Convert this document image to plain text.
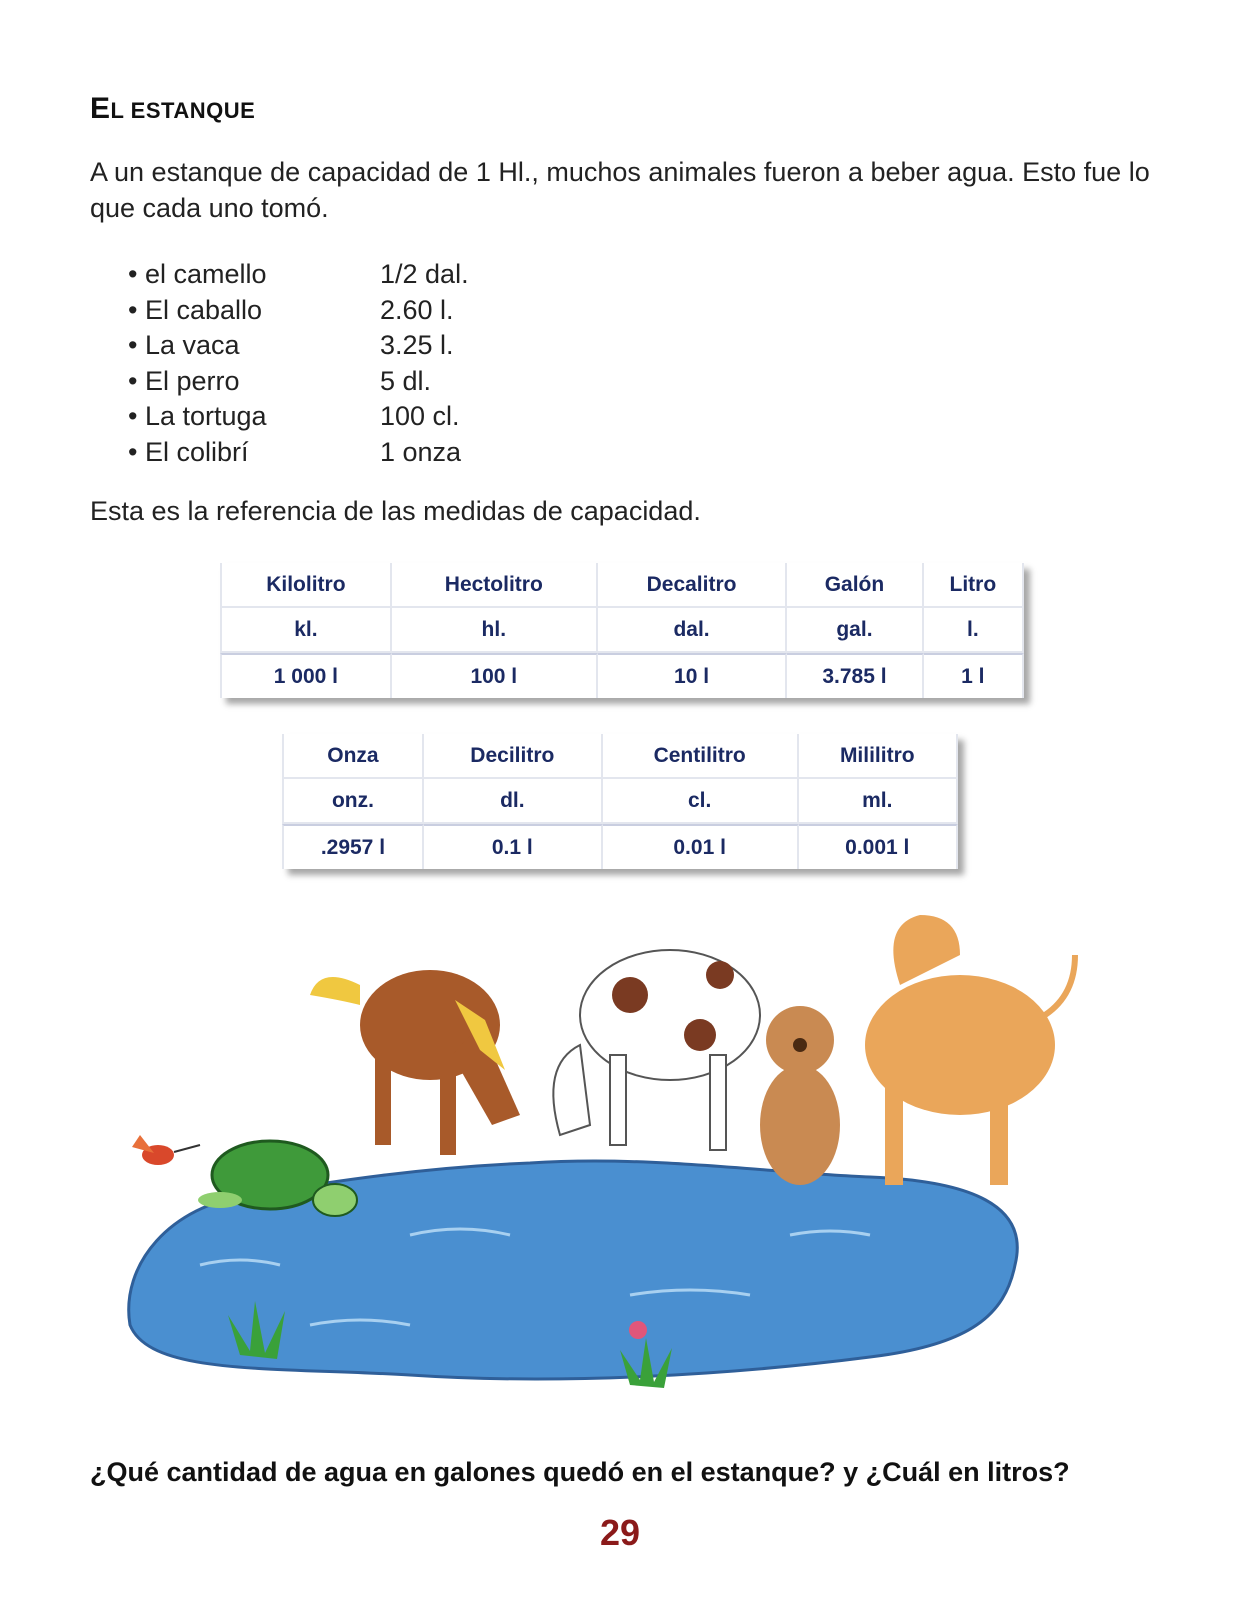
EL ESTANQUE
A un estanque de capacidad de 1 Hl., muchos animales fueron a beber agua. Esto fue lo que cada uno tomó.
• el camello	1/2 dal.
• El caballo	2.60 l.
• La vaca	3.25 l.
• El perro	5 dl.
• La tortuga	100 cl.
• El colibrí	1 onza
Esta es la referencia de las medidas de capacidad.
Kilolitro	Hectolitro	Decalitro	Galón	Litro
kl.	hl.	dal.	gal.	l.
1 000 l	100 l	10 l	3.785 l	1 l
Onza	Decilitro	Centilitro	Mililitro
onz.	dl.	cl.	ml.
.2957 l	0.1 l	0.01 l	0.001 l
¿Qué cantidad de agua en galones quedó en el estanque? y ¿Cuál en litros?
29
